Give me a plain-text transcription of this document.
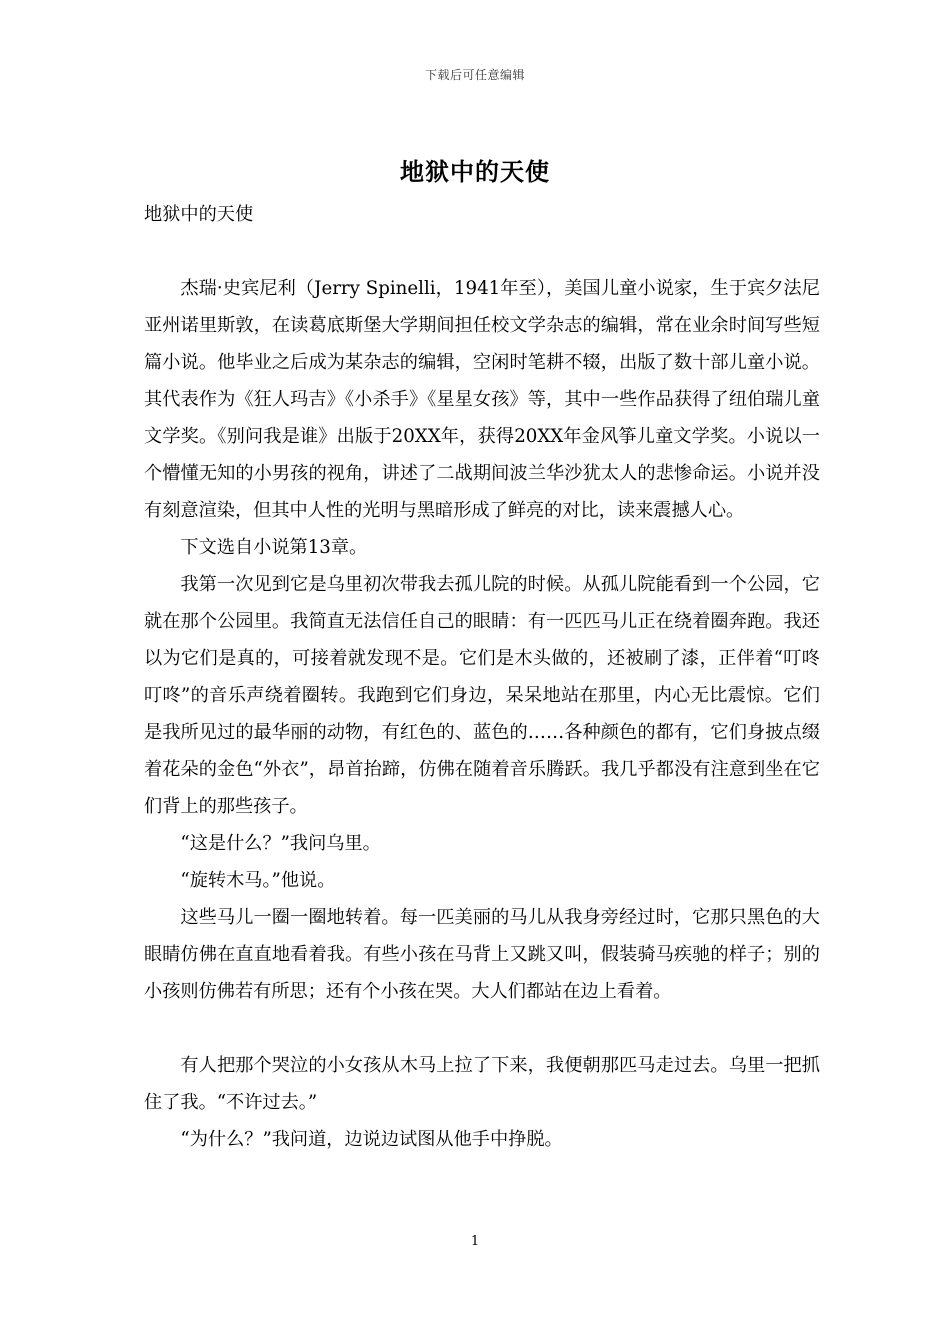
下载后可任意编辑
地狱中的天使

地狱中的天使

杰瑞·史宾尼利（Jerry Spinelli，1941年至），美国儿童小说家，生于宾夕法尼亚州诺里斯敦，在读葛底斯堡大学期间担任校文学杂志的编辑，常在业余时间写些短篇小说。他毕业之后成为某杂志的编辑，空闲时笔耕不辍，出版了数十部儿童小说。其代表作为《狂人玛吉》《小杀手》《星星女孩》等，其中一些作品获得了纽伯瑞儿童文学奖。《别问我是谁》出版于20XX年，获得20XX年金风筝儿童文学奖。小说以一个懵懂无知的小男孩的视角，讲述了二战期间波兰华沙犹太人的悲惨命运。小说并没有刻意渲染，但其中人性的光明与黑暗形成了鲜亮的对比，读来震撼人心。

下文选自小说第13章。

我第一次见到它是乌里初次带我去孤儿院的时候。从孤儿院能看到一个公园，它就在那个公园里。我简直无法信任自己的眼睛：有一匹匹马儿正在绕着圈奔跑。我还以为它们是真的，可接着就发现不是。它们是木头做的，还被刷了漆，正伴着“叮咚叮咚”的音乐声绕着圈转。我跑到它们身边，呆呆地站在那里，内心无比震惊。它们是我所见过的最华丽的动物，有红色的、蓝色的……各种颜色的都有，它们身披点缀着花朵的金色“外衣”，昂首抬蹄，仿佛在随着音乐腾跃。我几乎都没有注意到坐在它们背上的那些孩子。

“这是什么？”我问乌里。

“旋转木马。”他说。

这些马儿一圈一圈地转着。每一匹美丽的马儿从我身旁经过时，它那只黑色的大眼睛仿佛在直直地看着我。有些小孩在马背上又跳又叫，假装骑马疾驰的样子；别的小孩则仿佛若有所思；还有个小孩在哭。大人们都站在边上看着。

有人把那个哭泣的小女孩从木马上拉了下来，我便朝那匹马走过去。乌里一把抓住了我。“不许过去。”

“为什么？”我问道，边说边试图从他手中挣脱。

1
